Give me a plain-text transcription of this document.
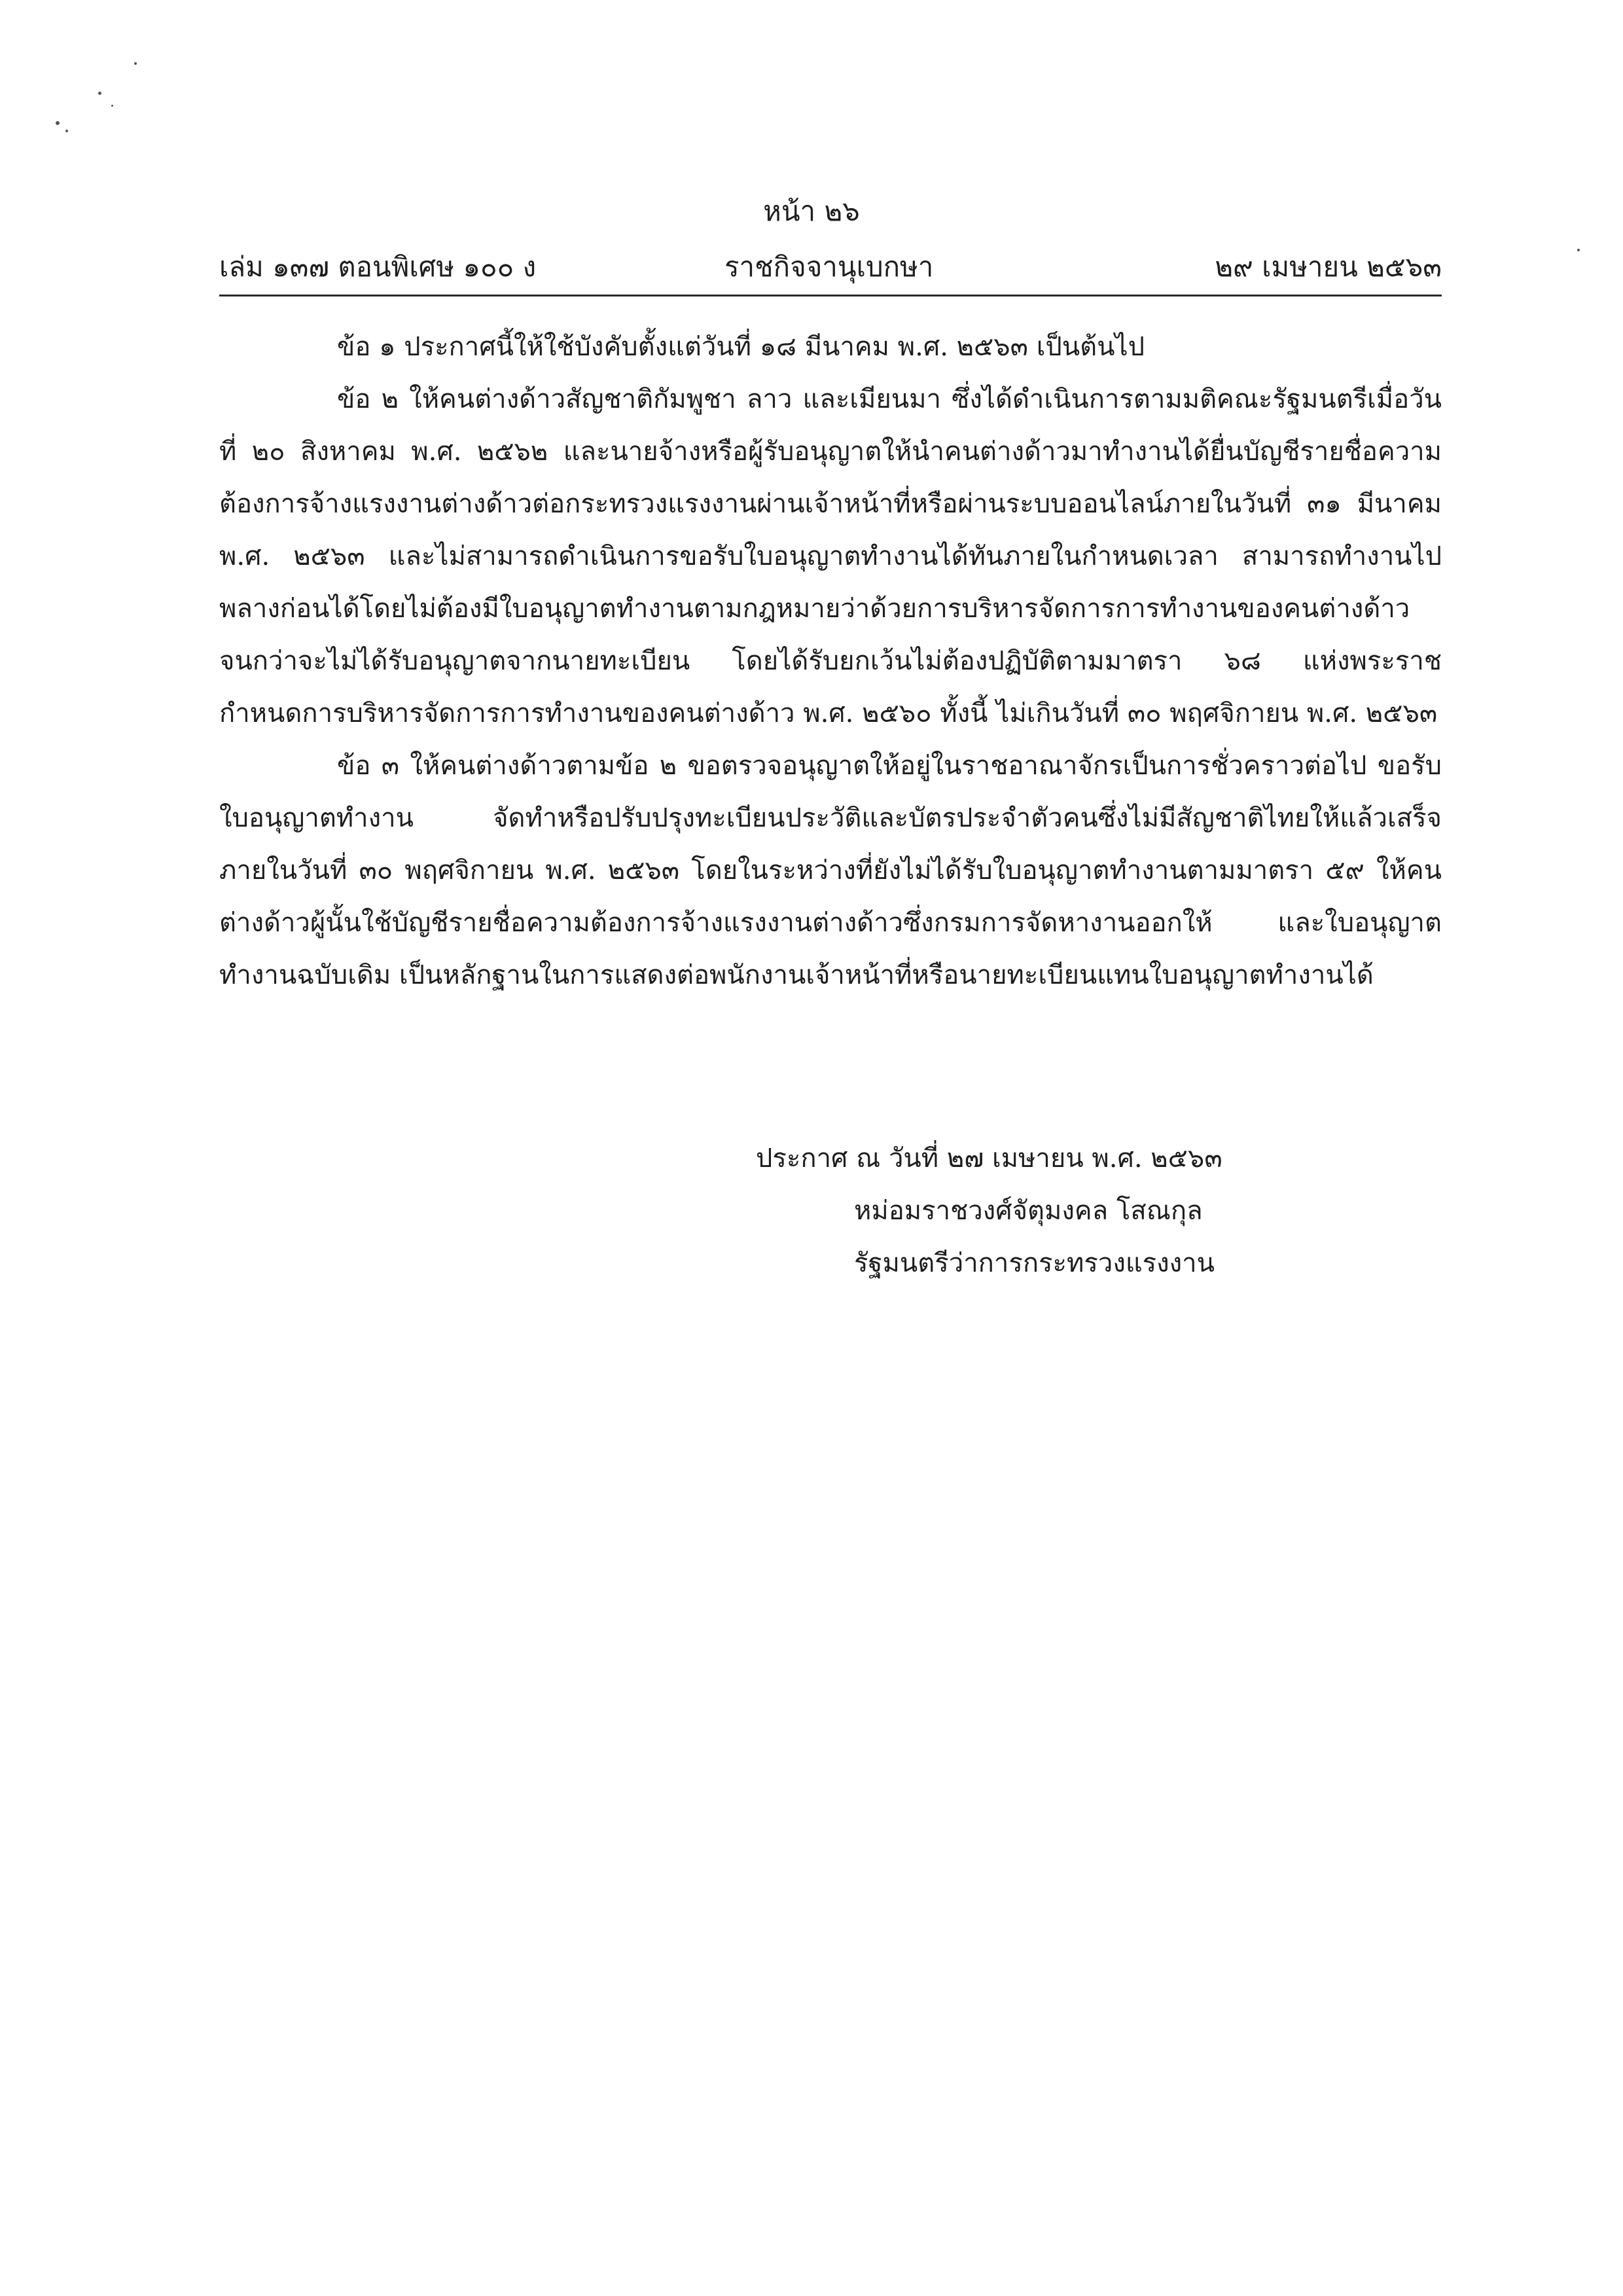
หน้า ๒๖
เล่ม ๑๓๗ ตอนพิเศษ ๑๐๐ ง	ราชกิจจานุเบกษา	๒๙ เมษายน ๒๕๖๓

ข้อ ๑ ประกาศนี้ให้ใช้บังคับตั้งแต่วันที่ ๑๘ มีนาคม พ.ศ. ๒๕๖๓ เป็นต้นไป

ข้อ ๒ ให้คนต่างด้าวสัญชาติกัมพูชา ลาว และเมียนมา ซึ่งได้ดำเนินการตามมติคณะรัฐมนตรีเมื่อวันที่ ๒๐ สิงหาคม พ.ศ. ๒๕๖๒ และนายจ้างหรือผู้รับอนุญาตให้นำคนต่างด้าวมาทำงานได้ยื่นบัญชีรายชื่อความต้องการจ้างแรงงานต่างด้าวต่อกระทรวงแรงงานผ่านเจ้าหน้าที่หรือผ่านระบบออนไลน์ภายในวันที่ ๓๑ มีนาคม พ.ศ. ๒๕๖๓ และไม่สามารถดำเนินการขอรับใบอนุญาตทำงานได้ทันภายในกำหนดเวลา สามารถทำงานไปพลางก่อนได้โดยไม่ต้องมีใบอนุญาตทำงานตามกฎหมายว่าด้วยการบริหารจัดการการทำงานของคนต่างด้าวจนกว่าจะไม่ได้รับอนุญาตจากนายทะเบียน โดยได้รับยกเว้นไม่ต้องปฏิบัติตามมาตรา ๖๘ แห่งพระราชกำหนดการบริหารจัดการการทำงานของคนต่างด้าว พ.ศ. ๒๕๖๐ ทั้งนี้ ไม่เกินวันที่ ๓๐ พฤศจิกายน พ.ศ. ๒๕๖๓

ข้อ ๓ ให้คนต่างด้าวตามข้อ ๒ ขอตรวจอนุญาตให้อยู่ในราชอาณาจักรเป็นการชั่วคราวต่อไป ขอรับใบอนุญาตทำงาน จัดทำหรือปรับปรุงทะเบียนประวัติและบัตรประจำตัวคนซึ่งไม่มีสัญชาติไทยให้แล้วเสร็จ ภายในวันที่ ๓๐ พฤศจิกายน พ.ศ. ๒๕๖๓ โดยในระหว่างที่ยังไม่ได้รับใบอนุญาตทำงานตามมาตรา ๕๙ ให้คนต่างด้าวผู้นั้นใช้บัญชีรายชื่อความต้องการจ้างแรงงานต่างด้าวซึ่งกรมการจัดหางานออกให้ และใบอนุญาตทำงานฉบับเดิม เป็นหลักฐานในการแสดงต่อพนักงานเจ้าหน้าที่หรือนายทะเบียนแทนใบอนุญาตทำงานได้

ประกาศ ณ วันที่ ๒๗ เมษายน พ.ศ. ๒๕๖๓
หม่อมราชวงศ์จัตุมงคล โสณกุล
รัฐมนตรีว่าการกระทรวงแรงงาน
